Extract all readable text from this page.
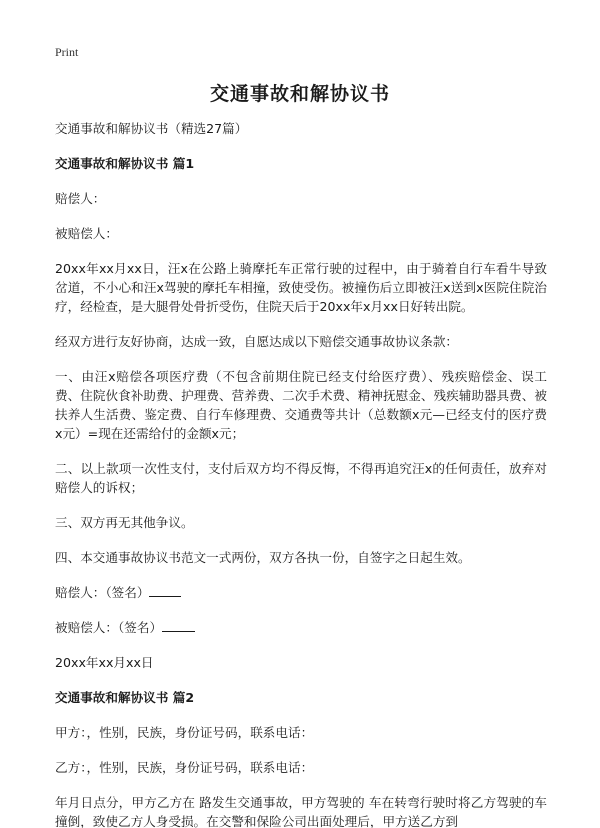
Print
交通事故和解协议书

交通事故和解协议书（精选27篇）

交通事故和解协议书 篇1

赔偿人：

被赔偿人：

20xx年xx月xx日，汪x在公路上骑摩托车正常行驶的过程中，由于骑着自行车看牛导致岔道，不小心和汪x驾驶的摩托车相撞，致使受伤。被撞伤后立即被汪x送到x医院住院治疗，经检查，是大腿骨处骨折受伤，住院天后于20xx年x月xx日好转出院。

经双方进行友好协商，达成一致，自愿达成以下赔偿交通事故协议条款：

一、由汪x赔偿各项医疗费（不包含前期住院已经支付给医疗费）、残疾赔偿金、误工费、住院伙食补助费、护理费、营养费、二次手术费、精神抚慰金、残疾辅助器具费、被扶养人生活费、鉴定费、自行车修理费、交通费等共计（总数额x元—已经支付的医疗费x元）=现在还需给付的金额x元；

二、以上款项一次性支付，支付后双方均不得反悔，不得再追究汪x的任何责任，放弃对赔偿人的诉权；

三、双方再无其他争议。

四、本交通事故协议书范文一式两份，双方各执一份，自签字之日起生效。

赔偿人：（签名）

被赔偿人：（签名）

20xx年xx月xx日

交通事故和解协议书 篇2

甲方：，性别，民族，身份证号码，联系电话：

乙方：，性别，民族，身份证号码，联系电话：

年月日点分，甲方乙方在 路发生交通事故，甲方驾驶的 车在转弯行驶时将乙方驾驶的车撞倒，致使乙方人身受损。在交警和保险公司出面处理后，甲方送乙方到
